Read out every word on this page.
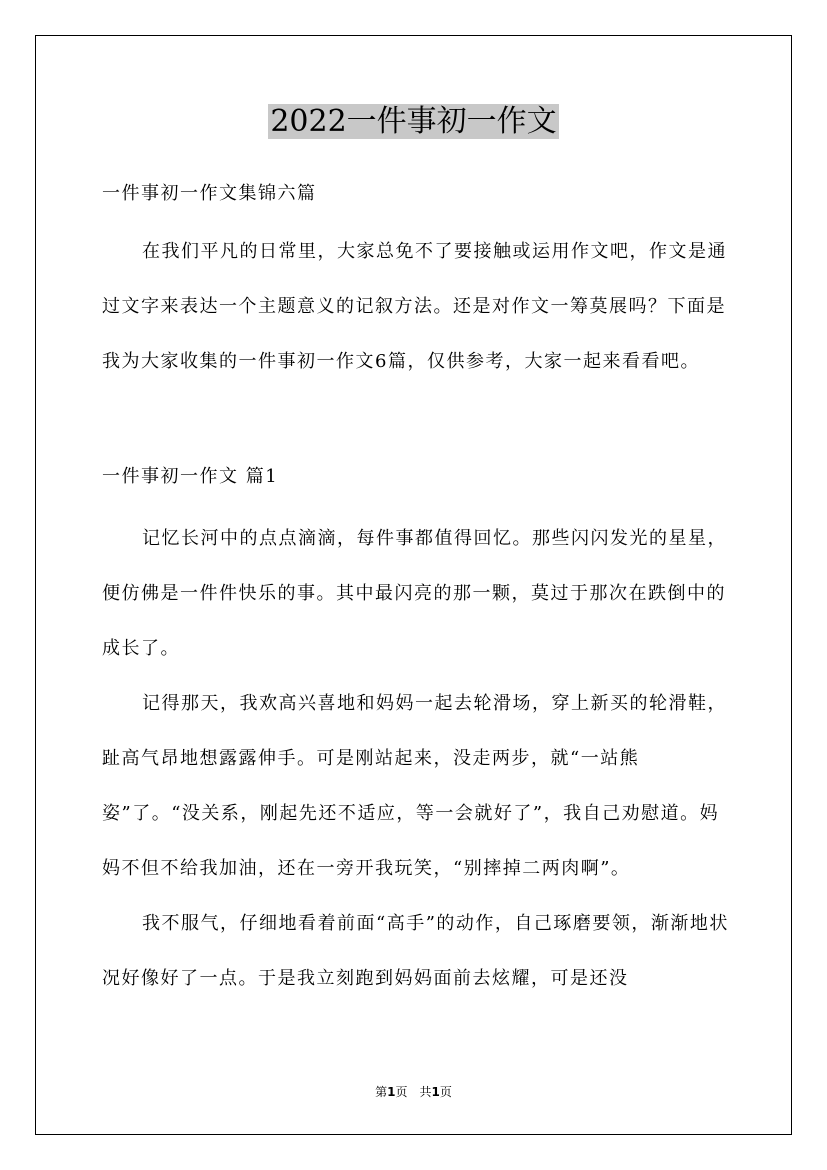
2022一件事初一作文

一件事初一作文集锦六篇

在我们平凡的日常里，大家总免不了要接触或运用作文吧，作文是通过文字来表达一个主题意义的记叙方法。还是对作文一筹莫展吗？下面是我为大家收集的一件事初一作文6篇，仅供参考，大家一起来看看吧。

一件事初一作文 篇1

记忆长河中的点点滴滴，每件事都值得回忆。那些闪闪发光的星星，便仿佛是一件件快乐的事。其中最闪亮的那一颗，莫过于那次在跌倒中的成长了。

记得那天，我欢高兴喜地和妈妈一起去轮滑场，穿上新买的轮滑鞋，趾高气昂地想露露伸手。可是刚站起来，没走两步，就“一站熊姿”了。“没关系，刚起先还不适应，等一会就好了”，我自己劝慰道。妈妈不但不给我加油，还在一旁开我玩笑，“别摔掉二两肉啊”。

我不服气，仔细地看着前面“高手”的动作，自己琢磨要领，渐渐地状况好像好了一点。于是我立刻跑到妈妈面前去炫耀，可是还没

第1页　共1页
